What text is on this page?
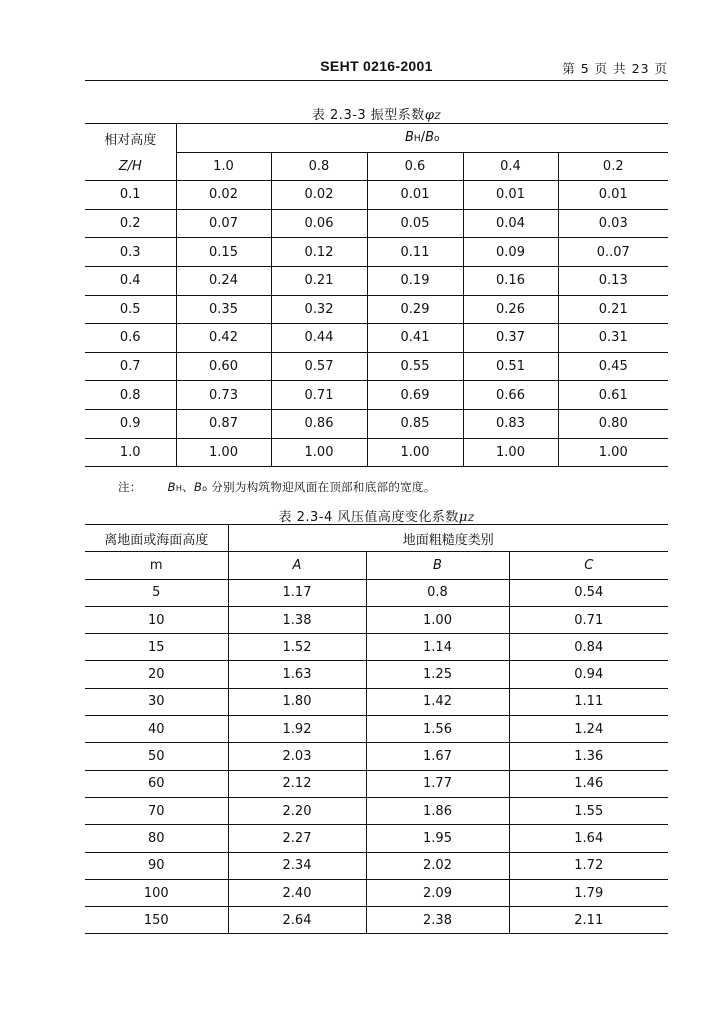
SEHT 0216-2001	第 5 页 共 23 页
表 2.3-3 振型系数φZ
相对高度	BH/Bo				
Z/H	1.0	0.8	0.6	0.4	0.2
0.1	0.02	0.02	0.01	0.01	0.01
0.2	0.07	0.06	0.05	0.04	0.03
0.3	0.15	0.12	0.11	0.09	0..07
0.4	0.24	0.21	0.19	0.16	0.13
0.5	0.35	0.32	0.29	0.26	0.21
0.6	0.42	0.44	0.41	0.37	0.31
0.7	0.60	0.57	0.55	0.51	0.45
0.8	0.73	0.71	0.69	0.66	0.61
0.9	0.87	0.86	0.85	0.83	0.80
1.0	1.00	1.00	1.00	1.00	1.00
注： BH、Bo 分别为构筑物迎风面在顶部和底部的宽度。
表 2.3-4 风压值高度变化系数μZ
离地面或海面高度	地面粗糙度类别		
m	A	B	C
5	1.17	0.8	0.54
10	1.38	1.00	0.71
15	1.52	1.14	0.84
20	1.63	1.25	0.94
30	1.80	1.42	1.11
40	1.92	1.56	1.24
50	2.03	1.67	1.36
60	2.12	1.77	1.46
70	2.20	1.86	1.55
80	2.27	1.95	1.64
90	2.34	2.02	1.72
100	2.40	2.09	1.79
150	2.64	2.38	2.11
